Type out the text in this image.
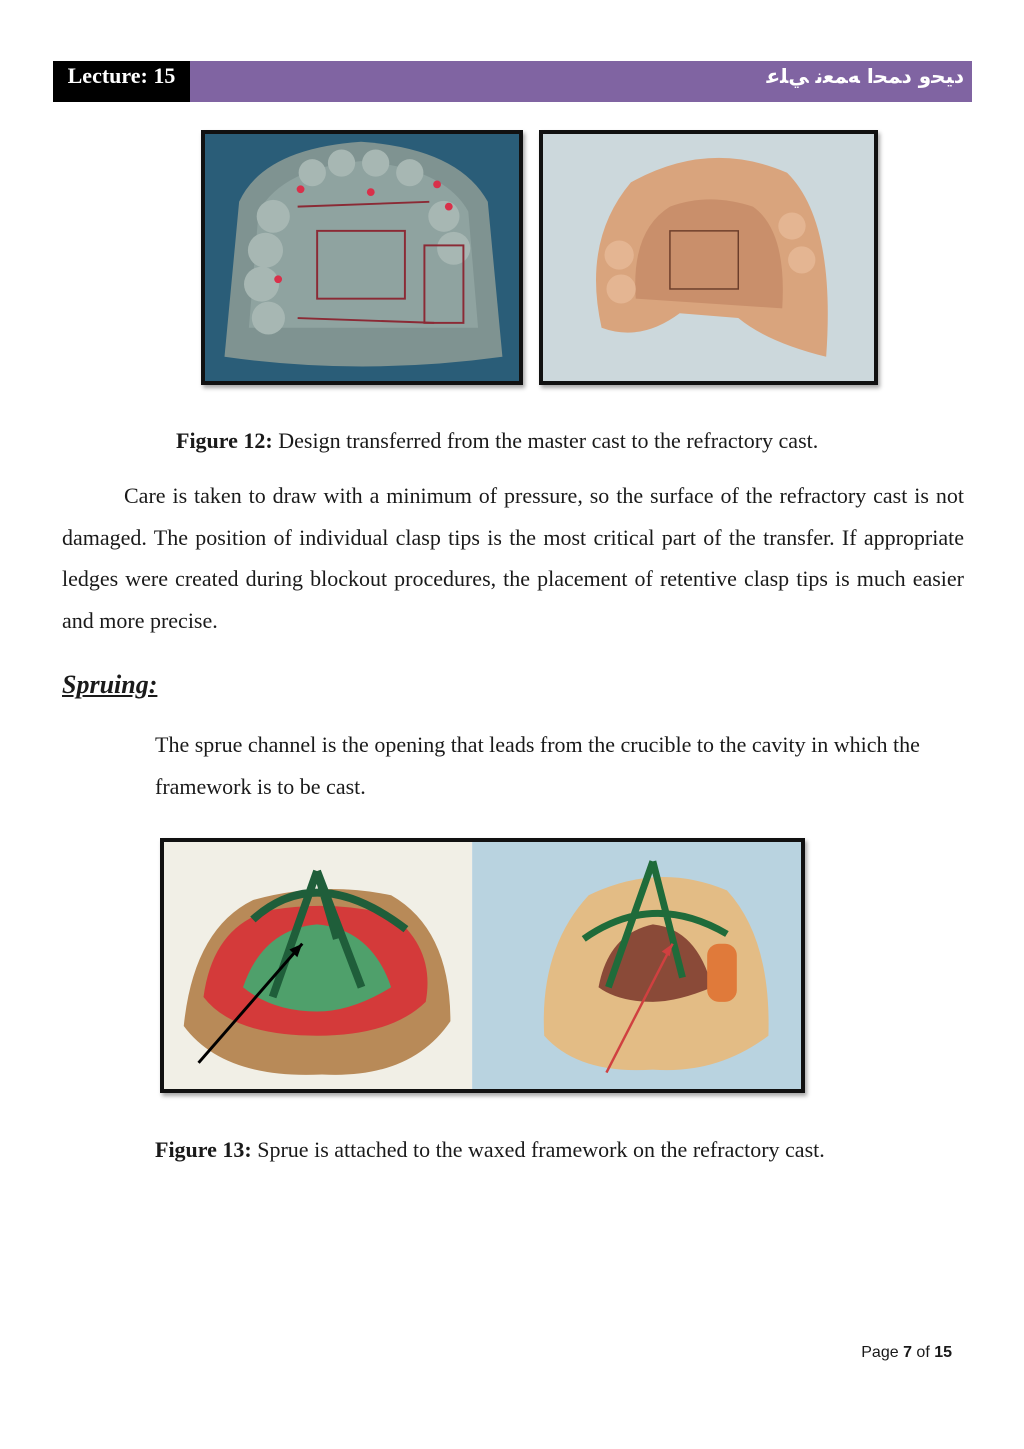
Lecture: 15	دﻴﺤﻭ دﻤﺤﺍ ﻪﻤﻌﻧ ﻲﻠﻋ
Figure 12: Design transferred from the master cast to the refractory cast.
Care is taken to draw with a minimum of pressure, so the surface of the refractory cast is not damaged. The position of individual clasp tips is the most critical part of the transfer. If appropriate ledges were created during blockout procedures, the placement of retentive clasp tips is much easier and more precise.
Spruing:
The sprue channel is the opening that leads from the crucible to the cavity in which the framework is to be cast.
Figure 13: Sprue is attached to the waxed framework on the refractory cast.
Page 7 of 15
